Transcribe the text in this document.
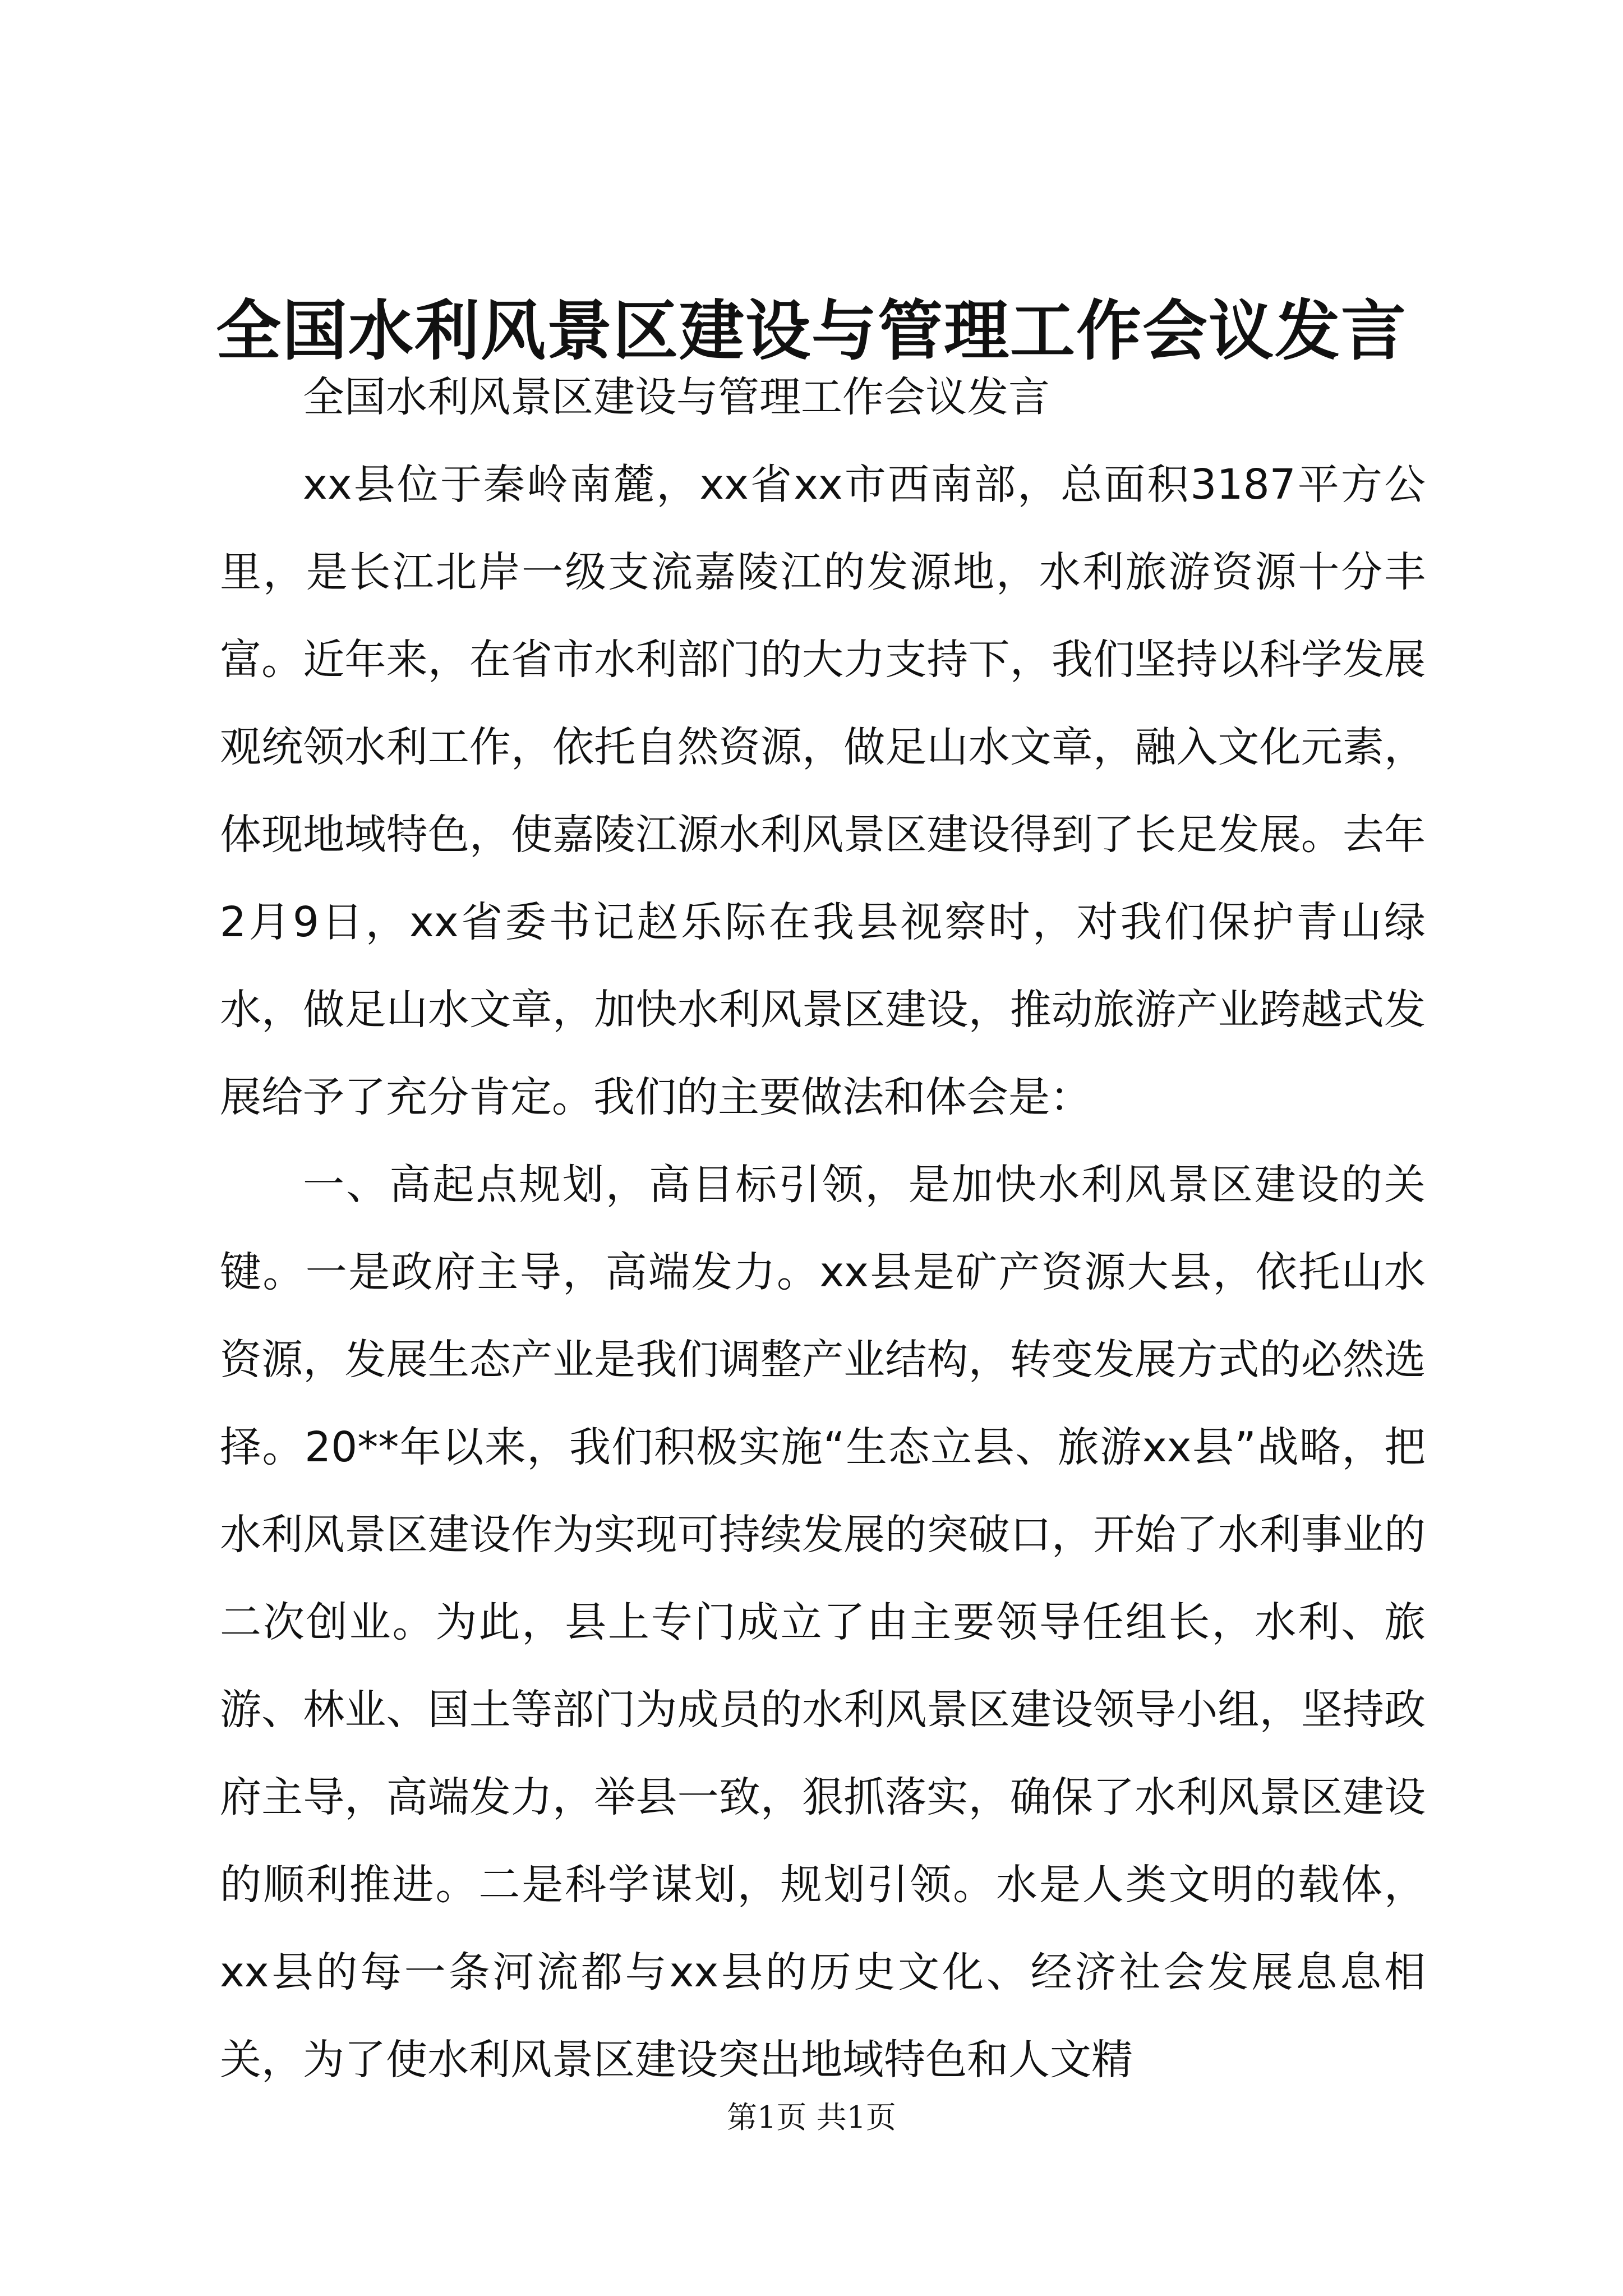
全国水利风景区建设与管理工作会议发言

全国水利风景区建设与管理工作会议发言

xx县位于秦岭南麓，xx省xx市西南部，总面积3187平方公里，是长江北岸一级支流嘉陵江的发源地，水利旅游资源十分丰富。近年来，在省市水利部门的大力支持下，我们坚持以科学发展观统领水利工作，依托自然资源，做足山水文章，融入文化元素，体现地域特色，使嘉陵江源水利风景区建设得到了长足发展。去年2月9日，xx省委书记赵乐际在我县视察时，对我们保护青山绿水，做足山水文章，加快水利风景区建设，推动旅游产业跨越式发展给予了充分肯定。我们的主要做法和体会是：

一、高起点规划，高目标引领，是加快水利风景区建设的关键。一是政府主导，高端发力。xx县是矿产资源大县，依托山水资源，发展生态产业是我们调整产业结构，转变发展方式的必然选择。20**年以来，我们积极实施“生态立县、旅游xx县”战略，把水利风景区建设作为实现可持续发展的突破口，开始了水利事业的二次创业。为此，县上专门成立了由主要领导任组长，水利、旅游、林业、国土等部门为成员的水利风景区建设领导小组，坚持政府主导，高端发力，举县一致，狠抓落实，确保了水利风景区建设的顺利推进。二是科学谋划，规划引领。水是人类文明的载体，xx县的每一条河流都与xx县的历史文化、经济社会发展息息相关，为了使水利风景区建设突出地域特色和人文精

第1页 共1页
